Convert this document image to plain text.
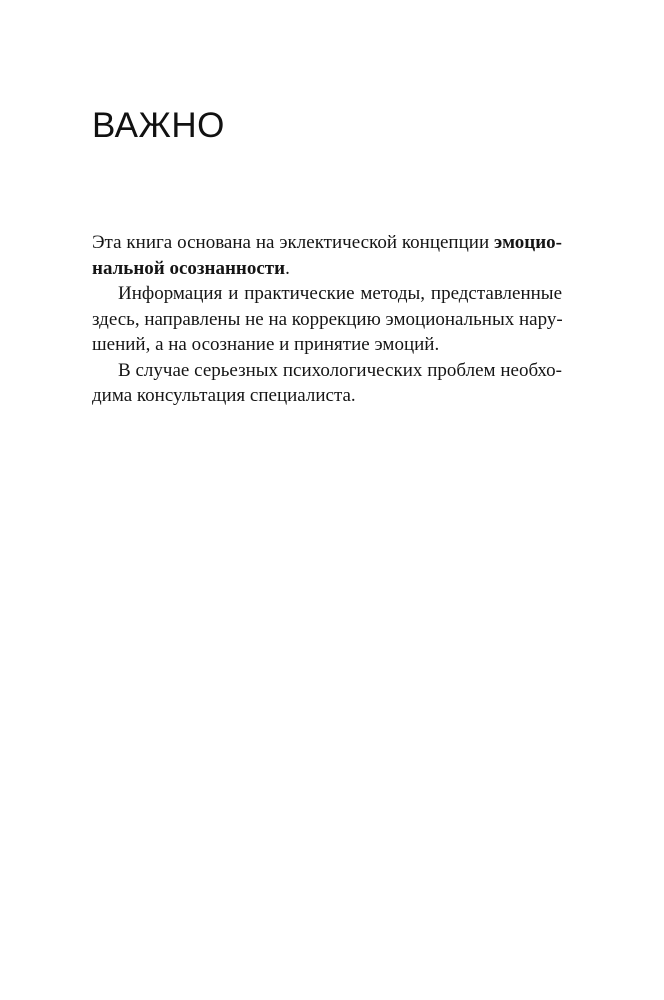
ВАЖНО

Эта книга основана на эклектической концепции эмоцио-
нальной осознанности.

Информация и практические методы, представленные
здесь, направлены не на коррекцию эмоциональных нару-
шений, а на осознание и принятие эмоций.

В случае серьезных психологических проблем необхо-
дима консультация специалиста.
